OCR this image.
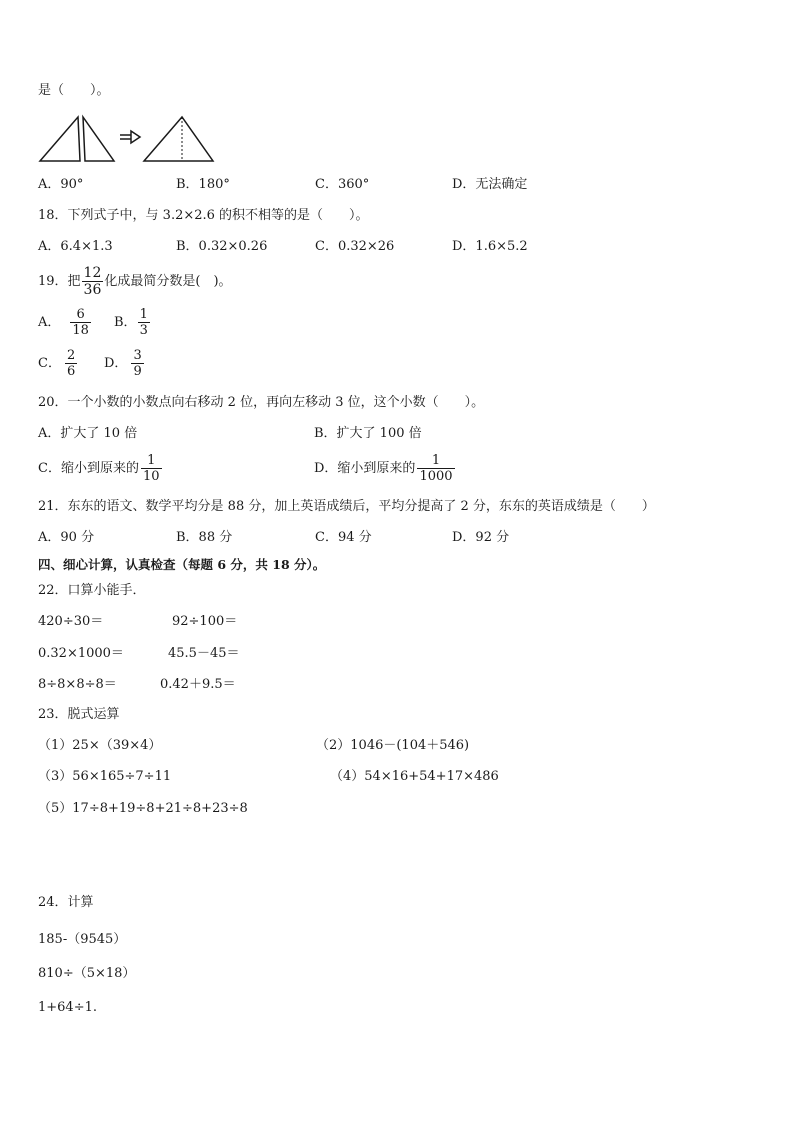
是（　　）。
A．90°	B．180°	C．360°	D．无法确定
18．下列式子中，与 3.2×2.6 的积不相等的是（　　）。
A．6.4×1.3	B．0.32×0.26	C．0.32×26	D．1.6×5.2
19．把 $\frac{12}{36}$ 化成最简分数是(　)。
A． $\frac{6}{18}$ B． $\frac{1}{3}$
C． $\frac{2}{6}$ D． $\frac{3}{9}$
20．一个小数的小数点向右移动 2 位，再向左移动 3 位，这个小数（　　）。
A．扩大了 10 倍	B．扩大了 100 倍
C．缩小到原来的 $\frac{1}{10}$	D．缩小到原来的 $\frac{1}{1000}$
21．东东的语文、数学平均分是 88 分，加上英语成绩后，平均分提高了 2 分，东东的英语成绩是（　　）
A．90 分	B．88 分	C．94 分	D．92 分
四、细心计算，认真检查（每题 6 分，共 18 分）。
22．口算小能手．
420÷30＝	92÷100＝
0.32×1000＝	45.5－45＝
8÷8×8÷8＝	0.42＋9.5＝
23．脱式运算
（1）25×（39×4）	（2）1046－(104＋546)
（3）56×165÷7÷11	（4）54×16+54+17×486
（5）17÷8+19÷8+21÷8+23÷8
24．计算
185-（9545）
810÷（5×18）
1+64÷1.
